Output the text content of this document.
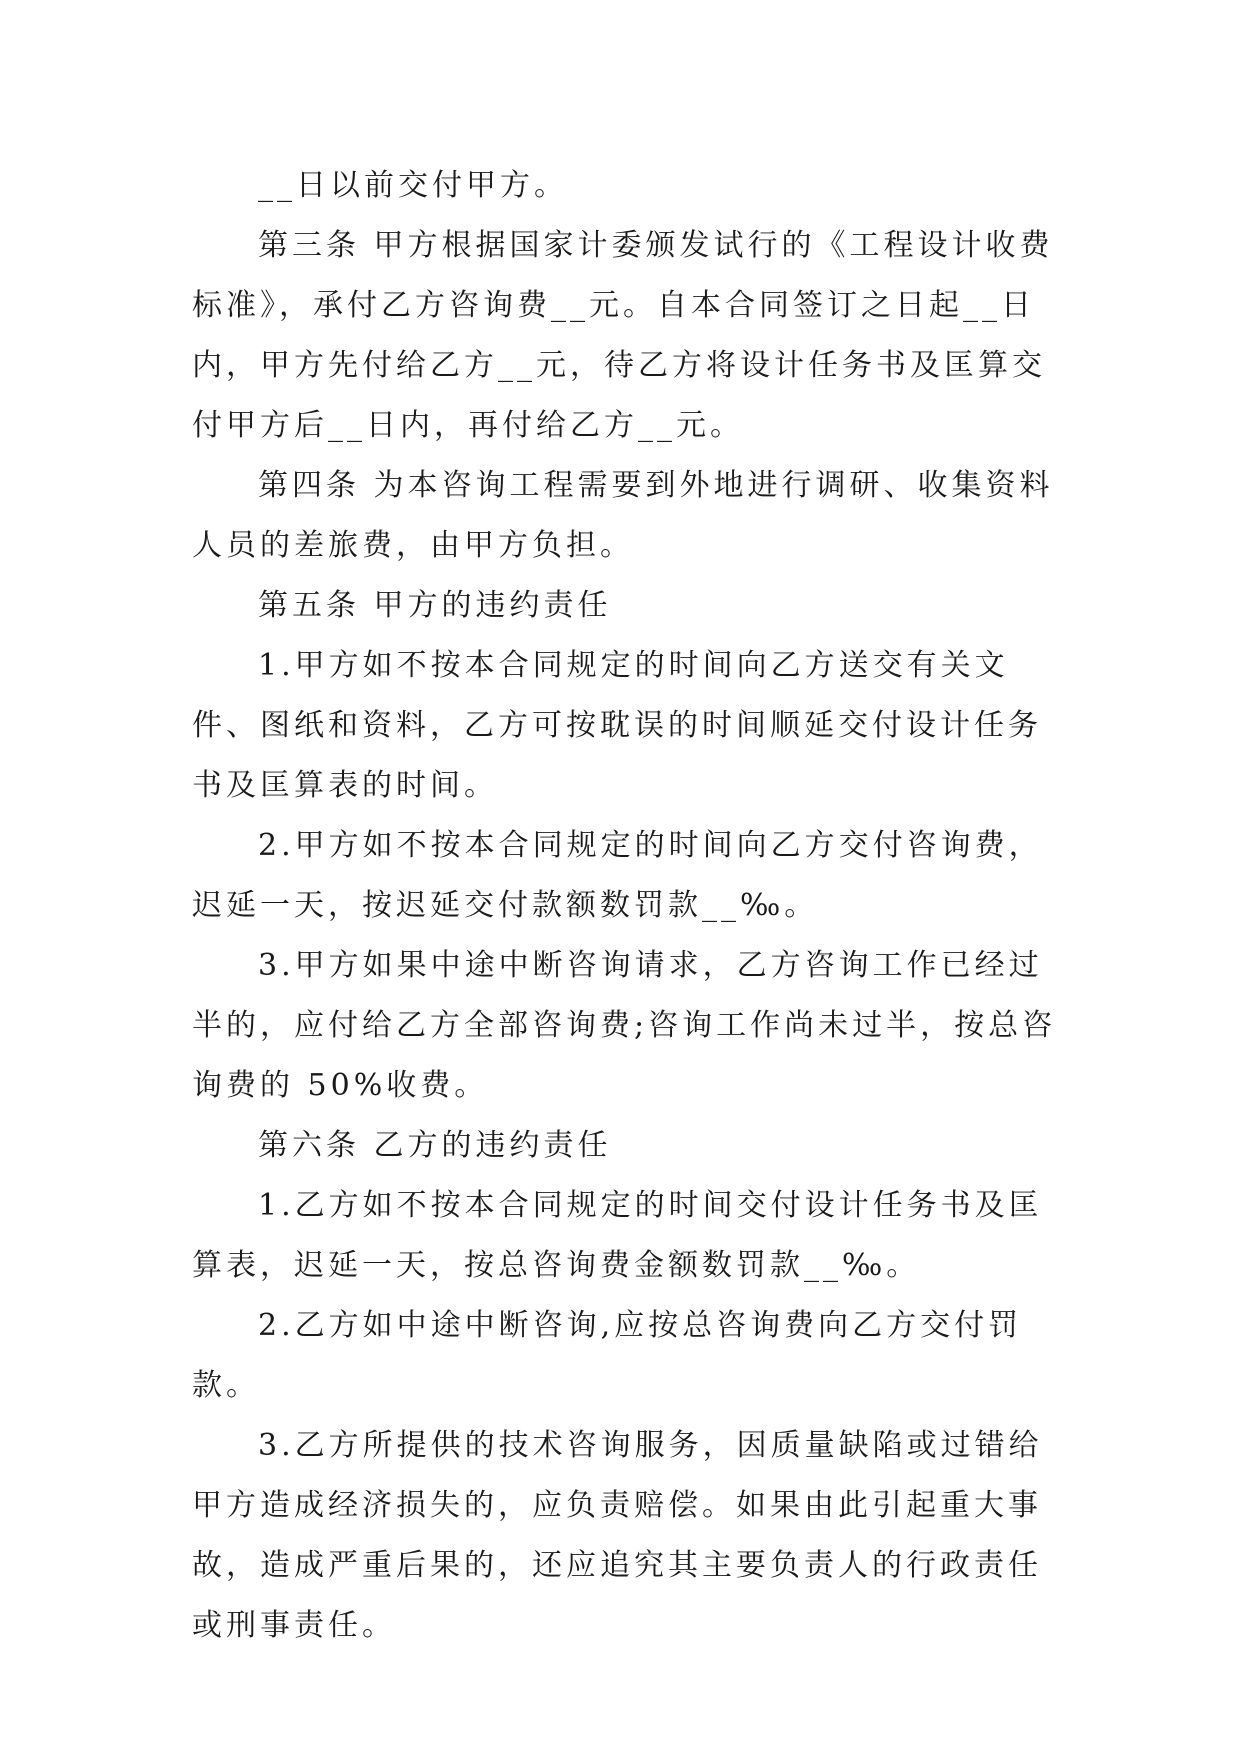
__日以前交付甲方。

第三条 甲方根据国家计委颁发试行的《工程设计收费标准》，承付乙方咨询费__元。自本合同签订之日起__日内，甲方先付给乙方__元，待乙方将设计任务书及匡算交付甲方后__日内，再付给乙方__元。

第四条 为本咨询工程需要到外地进行调研、收集资料人员的差旅费，由甲方负担。

第五条 甲方的违约责任

1.甲方如不按本合同规定的时间向乙方送交有关文件、图纸和资料，乙方可按耽误的时间顺延交付设计任务书及匡算表的时间。

2.甲方如不按本合同规定的时间向乙方交付咨询费，迟延一天，按迟延交付款额数罚款__‰。

3.甲方如果中途中断咨询请求，乙方咨询工作已经过半的，应付给乙方全部咨询费;咨询工作尚未过半，按总咨询费的 50%收费。

第六条 乙方的违约责任

1.乙方如不按本合同规定的时间交付设计任务书及匡算表，迟延一天，按总咨询费金额数罚款__‰。

2.乙方如中途中断咨询,应按总咨询费向乙方交付罚款。

3.乙方所提供的技术咨询服务，因质量缺陷或过错给甲方造成经济损失的，应负责赔偿。如果由此引起重大事故，造成严重后果的，还应追究其主要负责人的行政责任或刑事责任。
